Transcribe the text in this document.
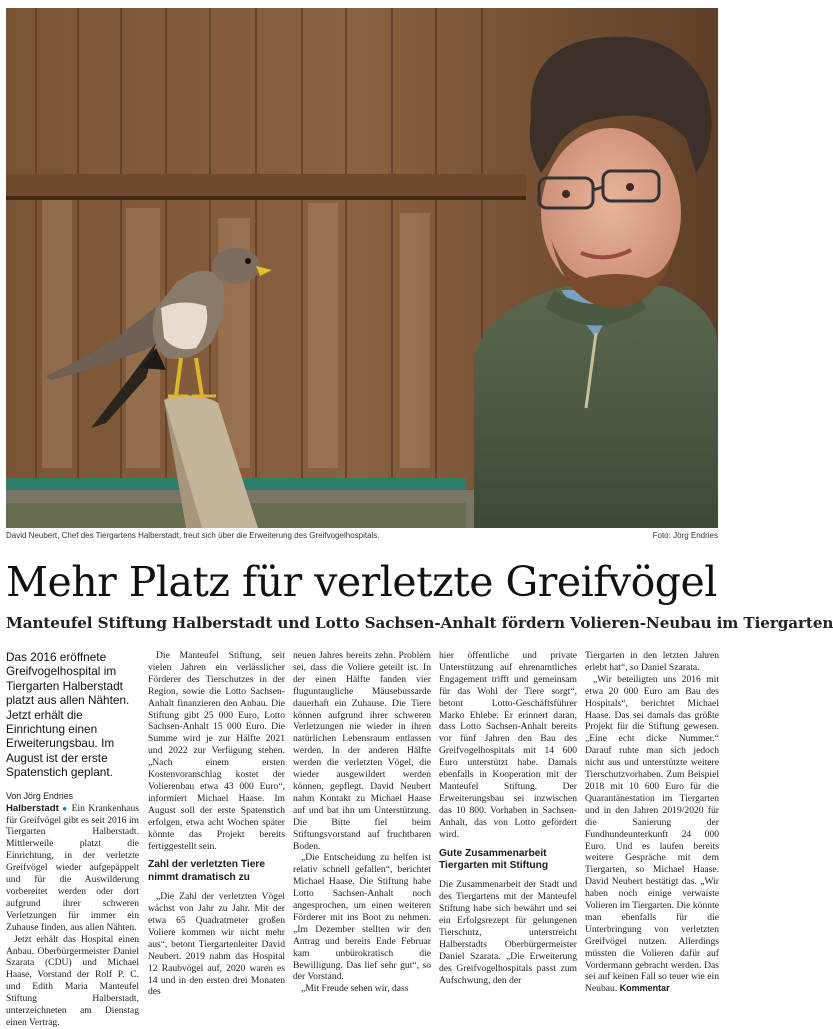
David Neubert, Chef des Tiergartens Halberstadt, freut sich über die Erweiterung des Greifvogelhospitals.	Foto: Jörg Endries
Mehr Platz für verletzte Greifvögel
Manteufel Stiftung Halberstadt und Lotto Sachsen-Anhalt fördern Volieren-Neubau im Tiergarten
Das 2016 eröffnete Greifvogelhospital im Tiergarten Halberstadt platzt aus allen Nähten. Jetzt erhält die Einrichtung einen Erweiterungsbau. Im August ist der erste Spatenstich geplant.
Von Jörg Endries

Halberstadt ● Ein Krankenhaus für Greifvögel gibt es seit 2016 im Tiergarten Halberstadt. Mittlerweile platzt die Einrichtung, in der verletzte Greifvögel wieder aufgepäppelt und für die Auswilderung vorbereitet werden oder dort aufgrund ihrer schweren Verletzungen für immer ein Zuhause finden, aus allen Nähten.

Jetzt erhält das Hospital einen Anbau. Oberbürgermeister Daniel Szarata (CDU) und Michael Haase, Vorstand der Rolf P. C. und Edith Maria Manteufel Stiftung Halberstadt, unterzeichneten am Dienstag einen Vertrag.

Die Manteufel Stiftung, seit vielen Jahren ein verlässlicher Förderer des Tierschutzes in der Region, sowie die Lotto Sachsen-Anhalt finanzieren den Anbau. Die Stiftung gibt 25 000 Euro, Lotto Sachsen-Anhalt 15 000 Euro. Die Summe wird je zur Hälfte 2021 und 2022 zur Verfügung stehen. „Nach einem ersten Kostenvoranschlag kostet der Volierenbau etwa 43 000 Euro“, informiert Michael Haase. Im August soll der erste Spatenstich erfolgen, etwa acht Wochen später könnte das Projekt bereits fertiggestellt sein.

Zahl der verletzten Tiere nimmt dramatisch zu

„Die Zahl der verletzten Vögel wächst von Jahr zu Jahr. Mit der etwa 65 Quadratmeter großen Voliere kommen wir nicht mehr aus“, betont Tiergartenleiter David Neubert. 2019 nahm das Hospital 12 Raubvögel auf, 2020 waren es 14 und in den ersten drei Monaten des

neuen Jahres bereits zehn. Problem sei, dass die Voliere geteilt ist. In der einen Hälfte fanden vier fluguntaugliche Mäusebussarde dauerhaft ein Zuhause. Die Tiere können aufgrund ihrer schweren Verletzungen nie wieder in ihren natürlichen Lebensraum entlassen werden. In der anderen Hälfte werden die verletzten Vögel, die wieder ausgewildert werden können, gepflegt. David Neubert nahm Kontakt zu Michael Haase auf und bat ihn um Unterstützung. Die Bitte fiel beim Stiftungsvorstand auf fruchtbaren Boden.

„Die Entscheidung zu helfen ist relativ schnell gefallen“, berichtet Michael Haase. Die Stiftung habe Lotto Sachsen-Anhalt noch angesprochen, um einen weiteren Förderer mit ins Boot zu nehmen. „Im Dezember stellten wir den Antrag und bereits Ende Februar kam unbürokratisch die Bewilligung. Das lief sehr gut“, so der Vorstand.

„Mit Freude sehen wir, dass

hier öffentliche und private Unterstützung auf ehrenamtliches Engagement trifft und gemeinsam für das Wohl der Tiere sorgt“, betont Lotto-Geschäftsführer Marko Ehlebe. Er erinnert daran, dass Lotto Sachsen-Anhalt bereits vor fünf Jahren den Bau des Greifvogelhospitals mit 14 600 Euro unterstützt habe. Damals ebenfalls in Kooperation mit der Manteufel Stiftung. Der Erweiterungsbau sei inzwischen das 10 800. Vorhaben in Sachsen-Anhalt, das von Lotto gefördert wird.

Gute Zusammenarbeit Tiergarten mit Stiftung

Die Zusammenarbeit der Stadt und des Tiergartens mit der Manteufel Stiftung habe sich bewährt und sei ein Erfolgsrezept für gelungenen Tierschutz, unterstreicht Halberstadts Oberbürgermeister Daniel Szarata. „Die Erweiterung des Greifvogelhospitals passt zum Aufschwung, den der

Tiergarten in den letzten Jahren erlebt hat“, so Daniel Szarata.

„Wir beteiligten uns 2016 mit etwa 20 000 Euro am Bau des Hospitals“, berichtet Michael Haase. Das sei damals das größte Projekt für die Stiftung gewesen. „Eine echt dicke Nummer.“ Darauf ruhte man sich jedoch nicht aus und unterstützte weitere Tierschutzvorhaben. Zum Beispiel 2018 mit 10 600 Euro für die Quarantänestation im Tiergarten und in den Jahren 2019/2020 für die Sanierung der Fundhundeunterkunft 24 000 Euro. Und es laufen bereits weitere Gespräche mit dem Tiergarten, so Michael Haase. David Neubert bestätigt das. „Wir haben noch einige verwaiste Volieren im Tiergarten. Die könnte man ebenfalls für die Unterbringung von verletzten Greifvögel nutzen. Allerdings müssten die Volieren dafür auf Vordermann gebracht werden. Das sei auf keinen Fall so teuer wie ein Neubau. Kommentar
